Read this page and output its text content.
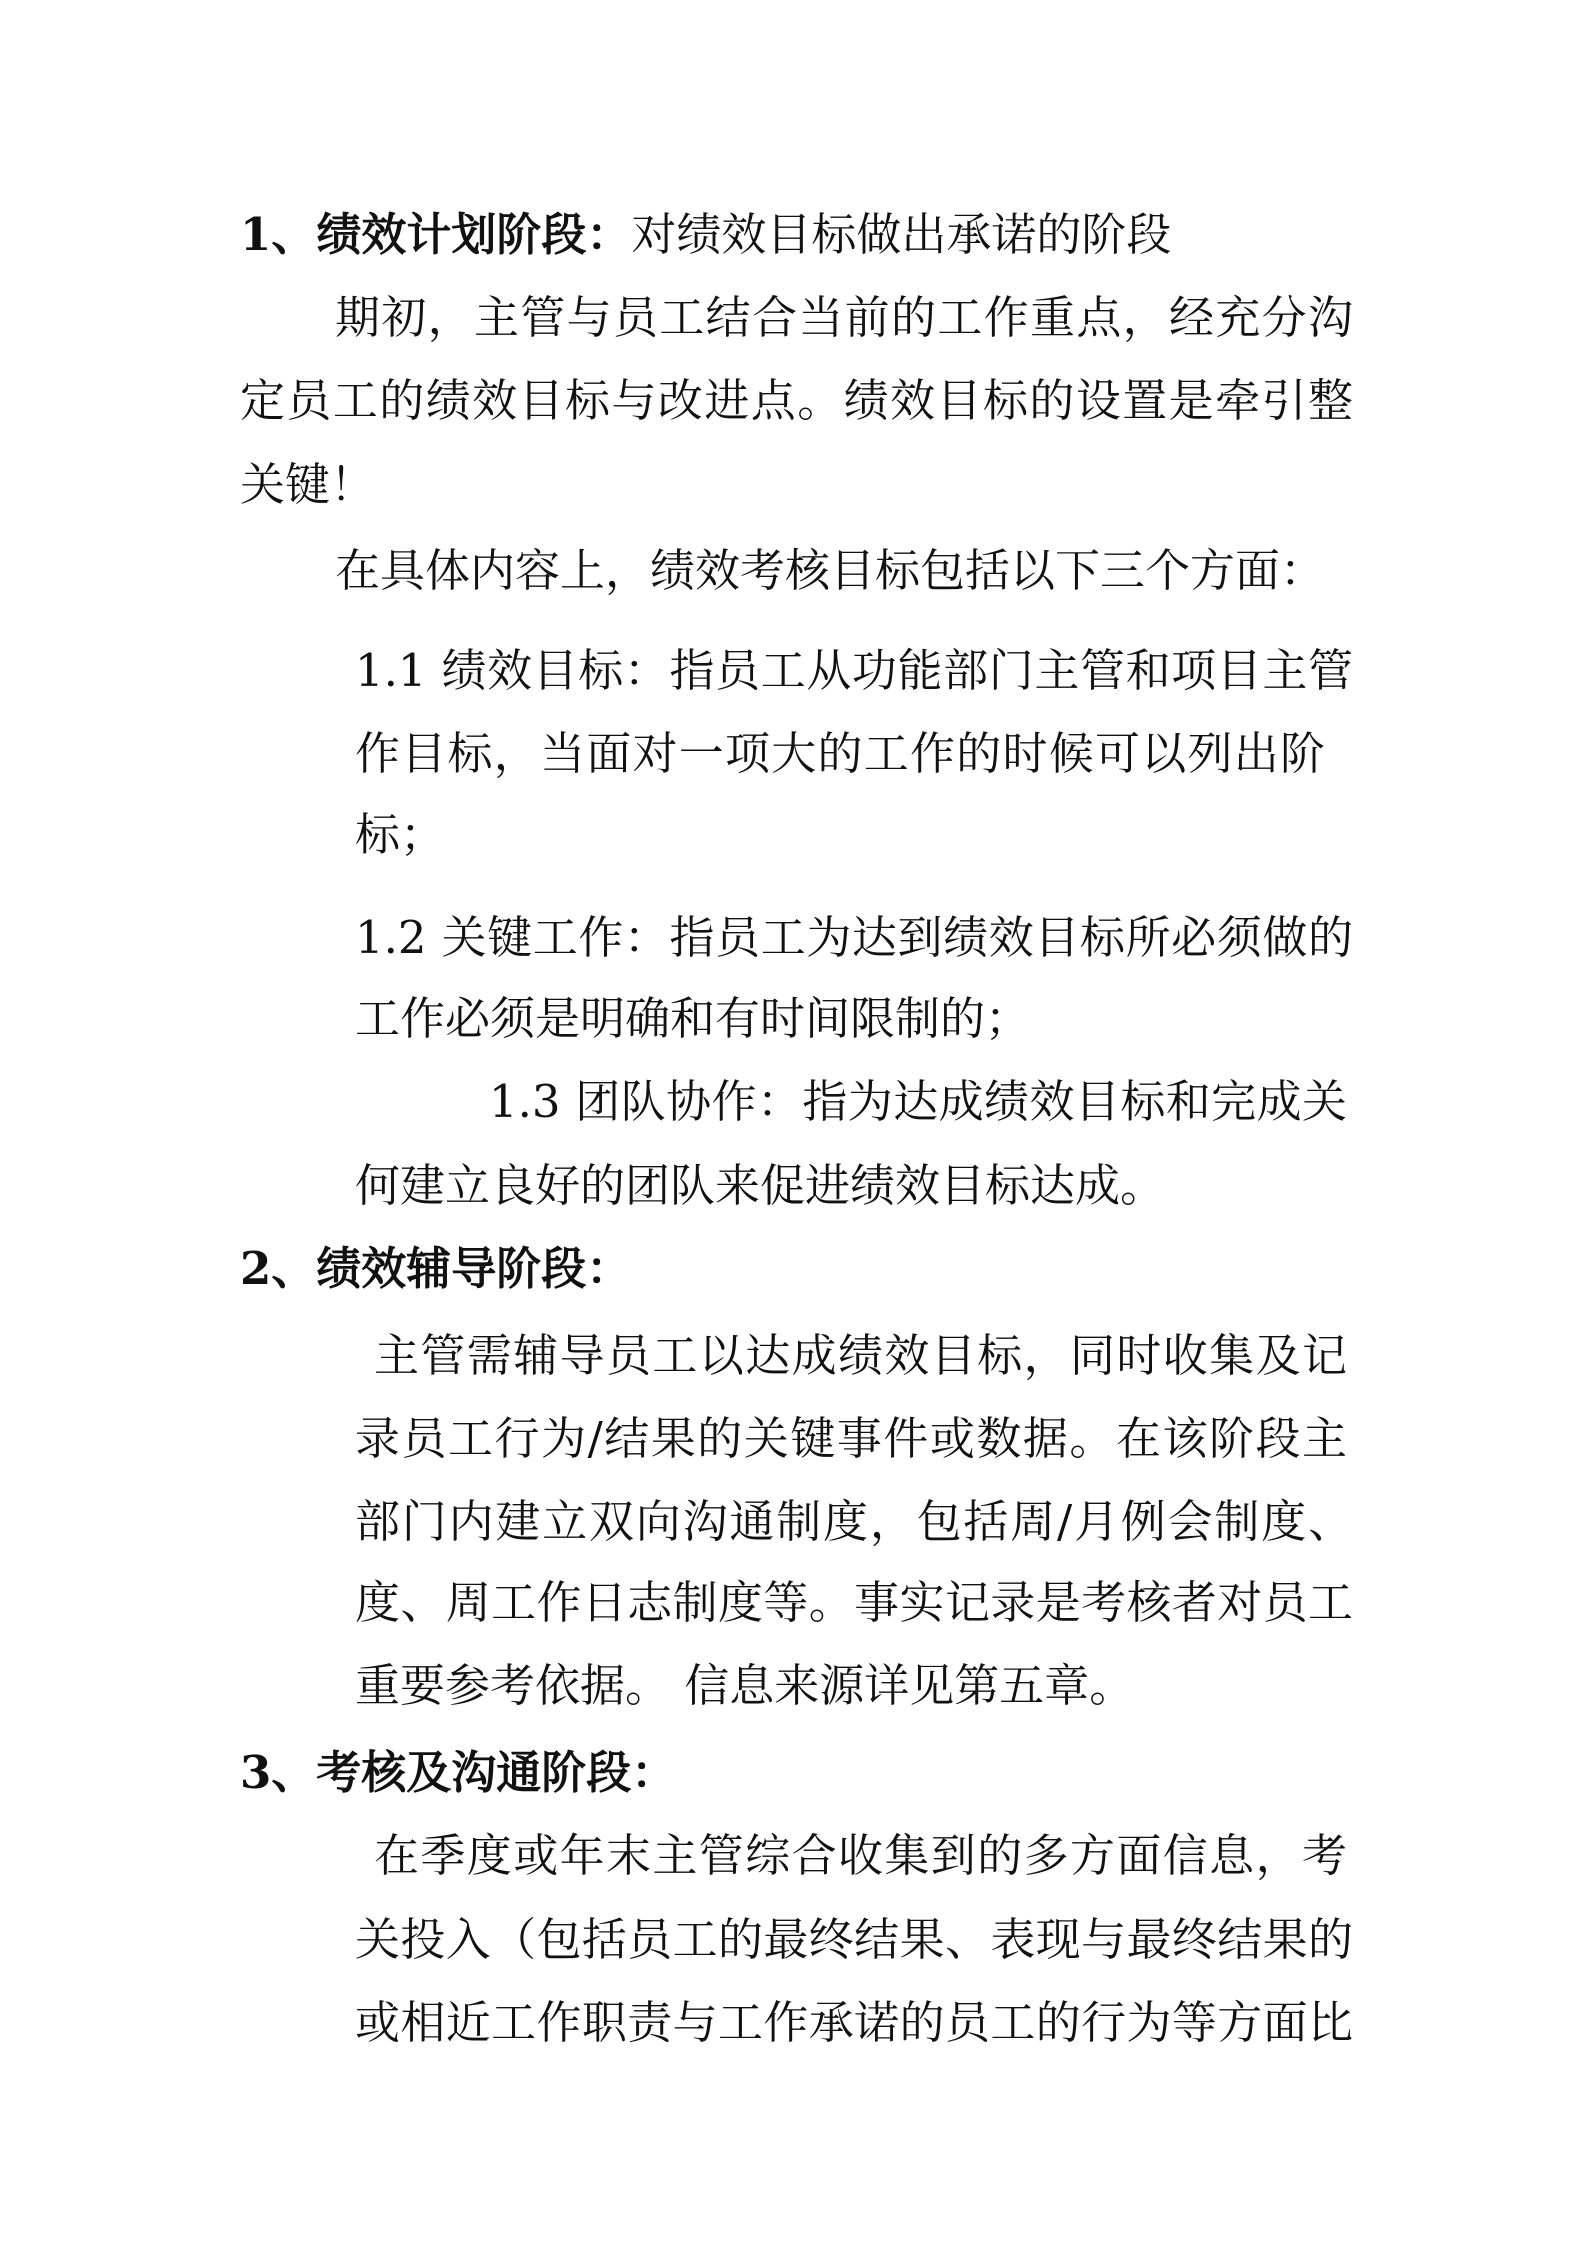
1、绩效计划阶段：对绩效目标做出承诺的阶段
期初，主管与员工结合当前的工作重点，经充分沟
定员工的绩效目标与改进点。绩效目标的设置是牵引整
关键！
在具体内容上，绩效考核目标包括以下三个方面：
1.1 绩效目标：指员工从功能部门主管和项目主管
作目标，当面对一项大的工作的时候可以列出阶
标；
1.2 关键工作：指员工为达到绩效目标所必须做的
工作必须是明确和有时间限制的；
1.3 团队协作：指为达成绩效目标和完成关
何建立良好的团队来促进绩效目标达成。
2、绩效辅导阶段：
主管需辅导员工以达成绩效目标，同时收集及记
录员工行为/结果的关键事件或数据。在该阶段主
部门内建立双向沟通制度，包括周/月例会制度、
度、周工作日志制度等。事实记录是考核者对员工
重要参考依据。 信息来源详见第五章。
3、考核及沟通阶段：
在季度或年末主管综合收集到的多方面信息，考
关投入（包括员工的最终结果、表现与最终结果的
或相近工作职责与工作承诺的员工的行为等方面比
